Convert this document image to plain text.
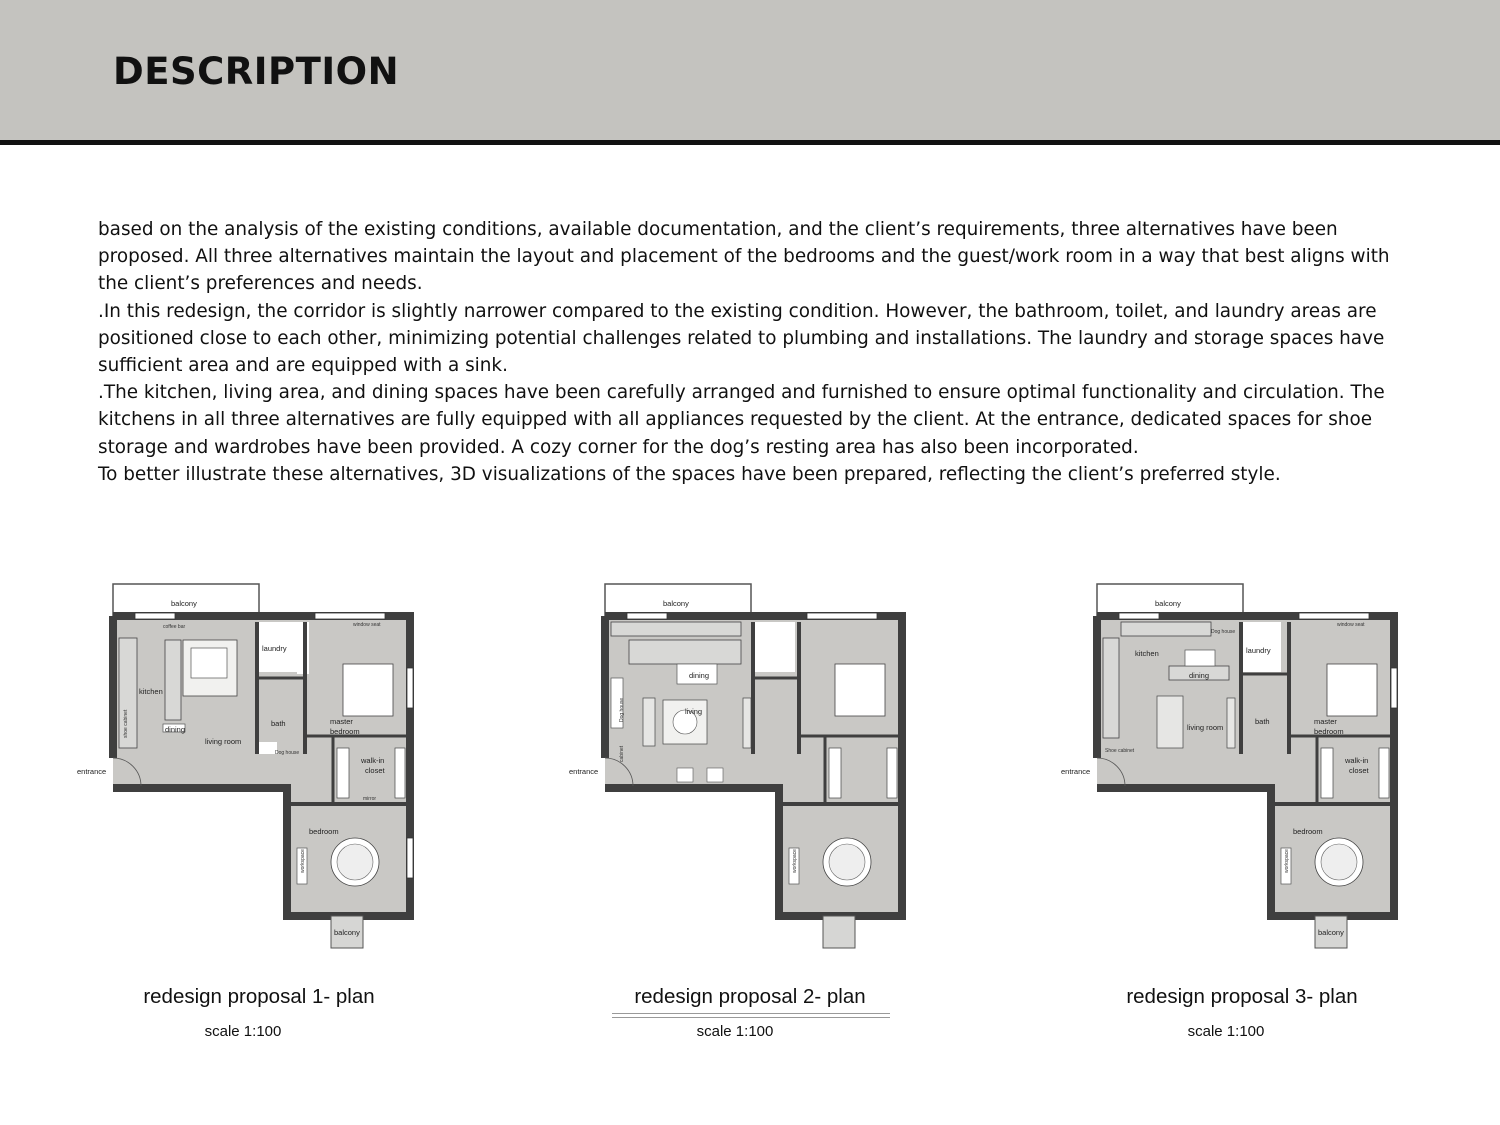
DESCRIPTION

based on the analysis of the existing conditions, available documentation, and the client’s requirements, three alternatives have been proposed. All three alternatives maintain the layout and placement of the bedrooms and the guest/work room in a way that best aligns with the client’s preferences and needs.

.In this redesign, the corridor is slightly narrower compared to the existing condition. However, the bathroom, toilet, and laundry areas are positioned close to each other, minimizing potential challenges related to plumbing and installations. The laundry and storage spaces have sufficient area and are equipped with a sink.

.The kitchen, living area, and dining spaces have been carefully arranged and furnished to ensure optimal functionality and circulation. The kitchens in all three alternatives are fully equipped with all appliances requested by the client. At the entrance, dedicated spaces for shoe storage and wardrobes have been provided. A cozy corner for the dog’s resting area has also been incorporated.

To better illustrate these alternatives, 3D visualizations of the spaces have been prepared, reflecting the client’s preferred style.

balcony
balcony
coffee bar
kitchen
dining
living room
laundry
bath	master
bedroom
walk-in
closet
bedroom
entrance
window seat
Dog house
shoe cabinet
workspace
mirror
redesign proposal 1- plan
scale 1:100
balcony
dining
living
entrance
Dog house
cabinet
workspace
redesign proposal 2- plan
scale 1:100
balcony
balcony
Dog house
kitchen
dining
living room
laundry
bath	master
bedroom
walk-in
closet
bedroom
entrance
Shoe cabinet
window seat
workspace
redesign proposal 3- plan
scale 1:100
